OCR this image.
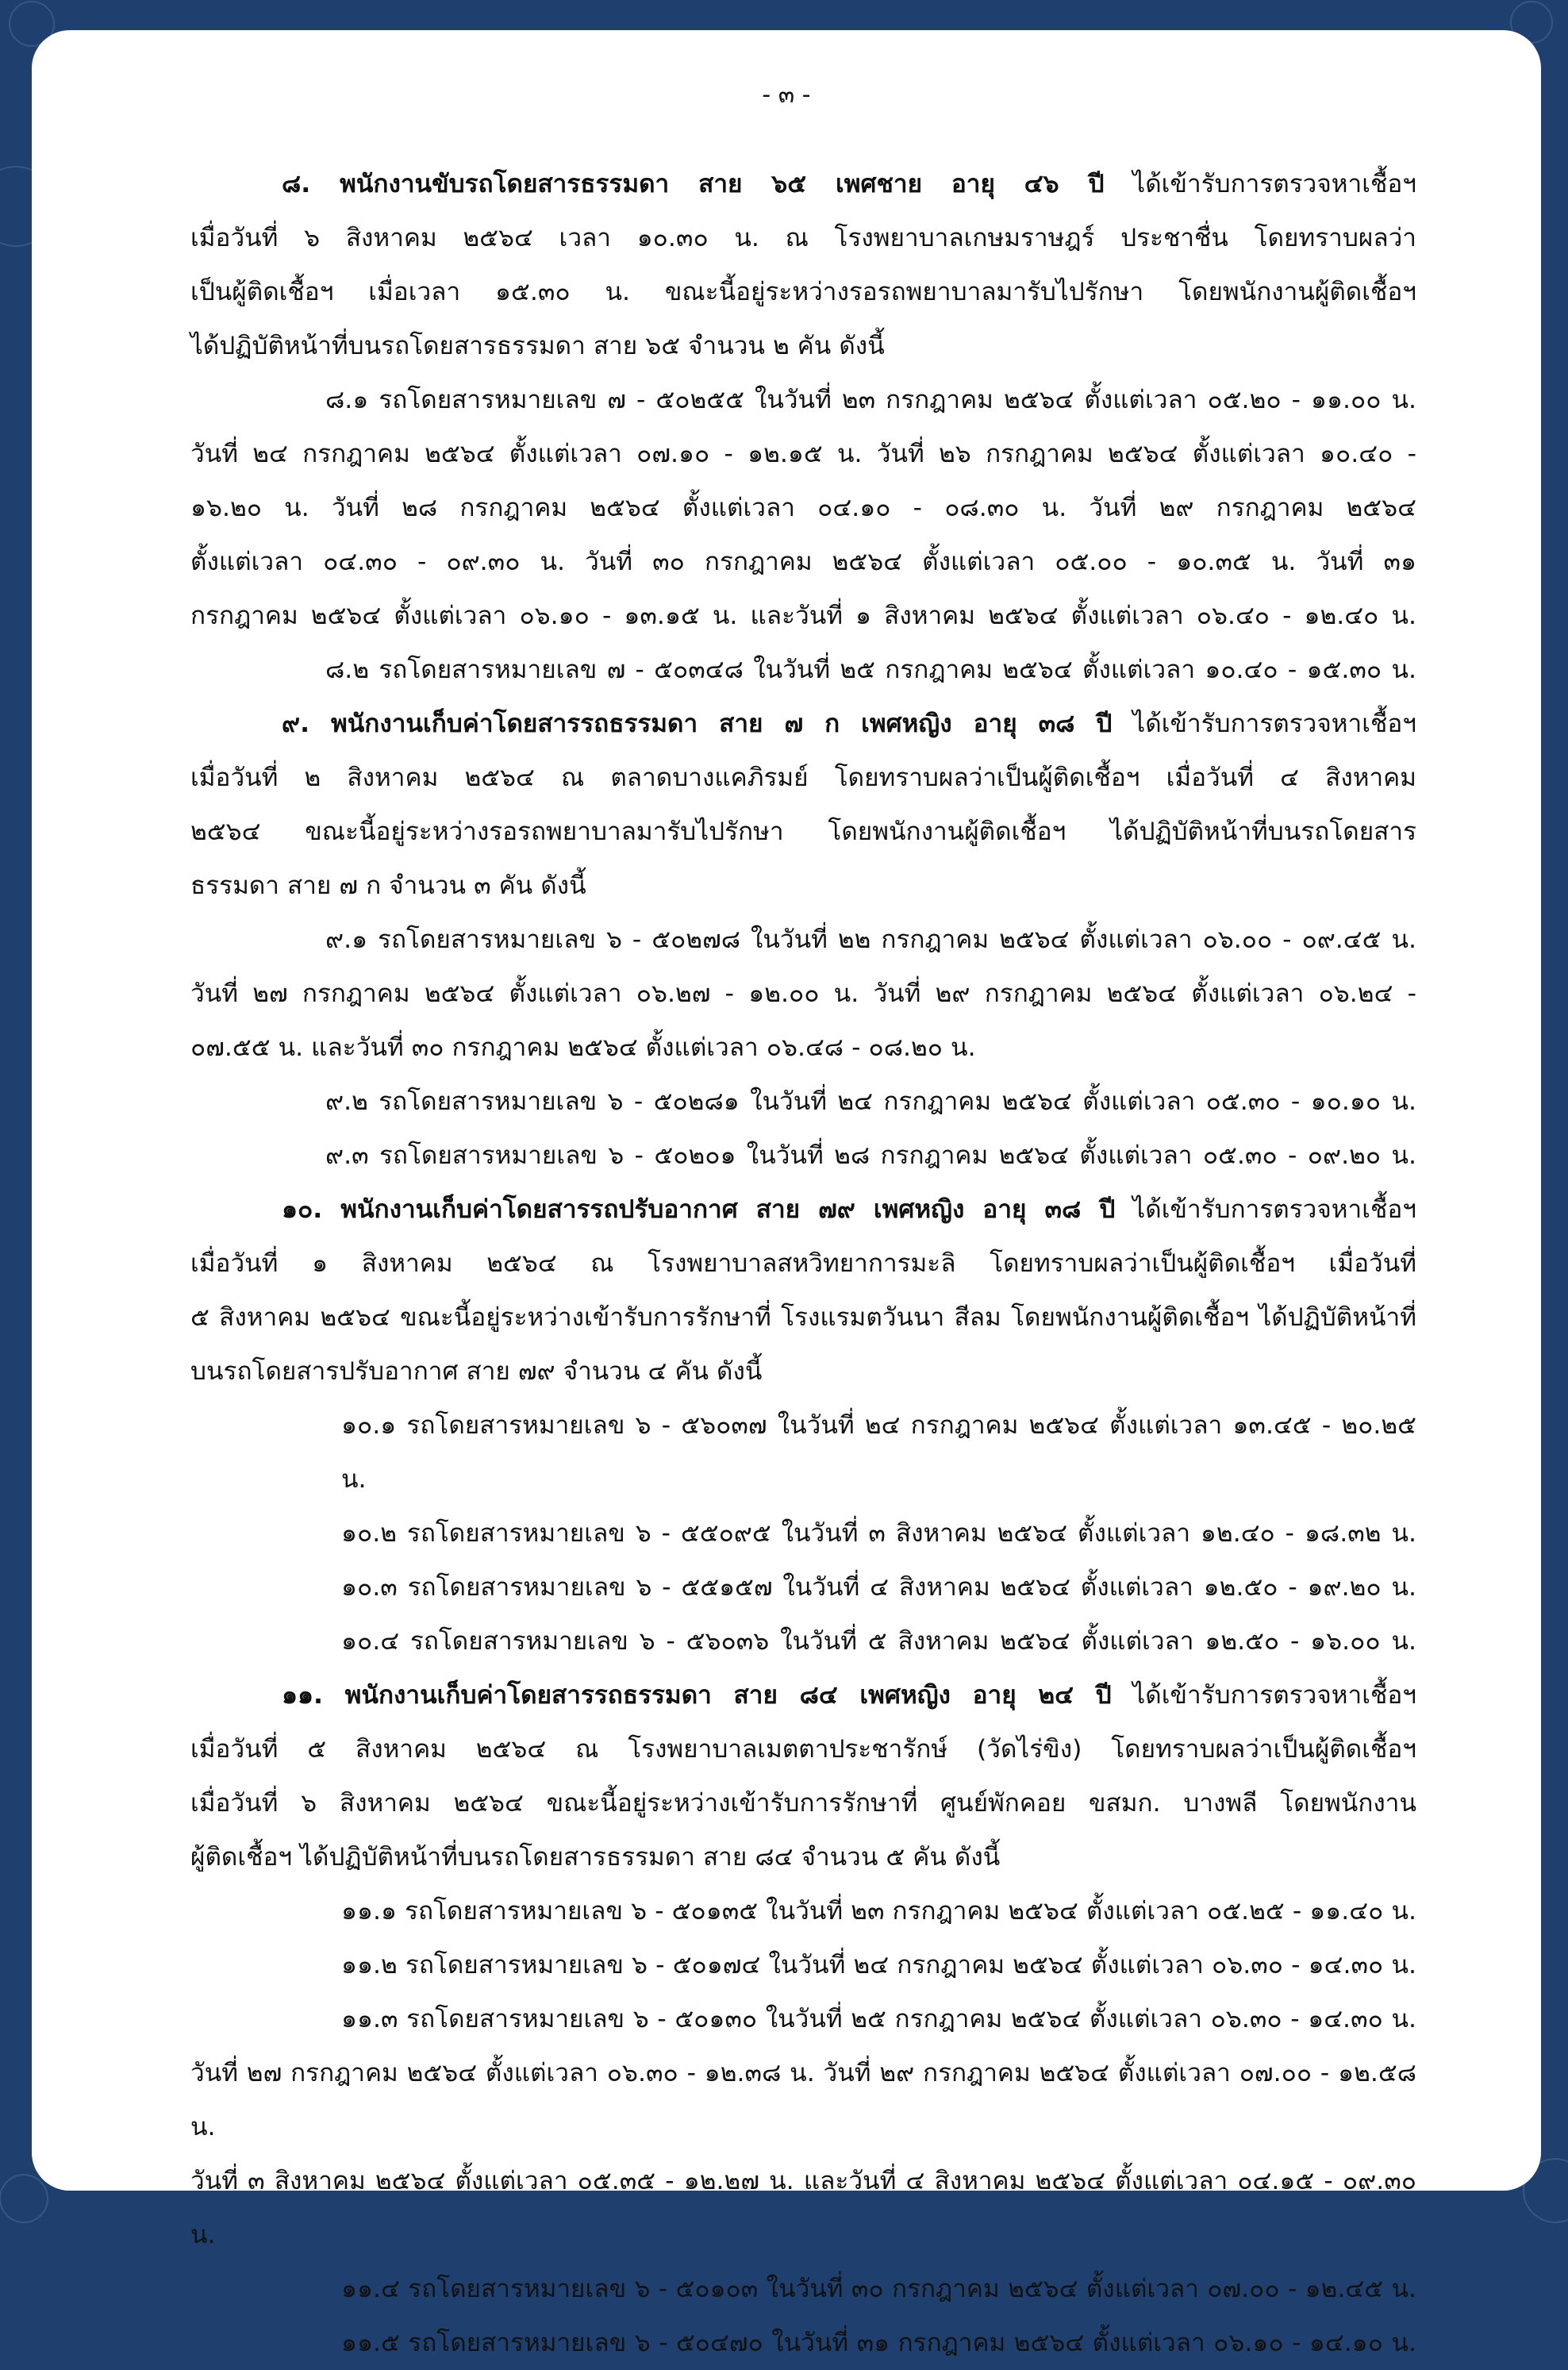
- ๓ -

๘. พนักงานขับรถโดยสารธรรมดา สาย ๖๕ เพศชาย อายุ ๔๖ ปี ได้เข้ารับการตรวจหาเชื้อฯ

เมื่อวันที่ ๖ สิงหาคม ๒๕๖๔ เวลา ๑๐.๓๐ น. ณ โรงพยาบาลเกษมราษฎร์ ประชาชื่น โดยทราบผลว่า

เป็นผู้ติดเชื้อฯ เมื่อเวลา ๑๕.๓๐ น. ขณะนี้อยู่ระหว่างรอรถพยาบาลมารับไปรักษา โดยพนักงานผู้ติดเชื้อฯ

ได้ปฏิบัติหน้าที่บนรถโดยสารธรรมดา สาย ๖๕ จำนวน ๒ คัน ดังนี้

๘.๑ รถโดยสารหมายเลข ๗ - ๕๐๒๕๕ ในวันที่ ๒๓ กรกฎาคม ๒๕๖๔ ตั้งแต่เวลา ๐๕.๒๐ - ๑๑.๐๐ น.

วันที่ ๒๔ กรกฎาคม ๒๕๖๔ ตั้งแต่เวลา ๐๗.๑๐ - ๑๒.๑๕ น. วันที่ ๒๖ กรกฎาคม ๒๕๖๔ ตั้งแต่เวลา ๑๐.๔๐ -

๑๖.๒๐ น. วันที่ ๒๘ กรกฎาคม ๒๕๖๔ ตั้งแต่เวลา ๐๔.๑๐ - ๐๘.๓๐ น. วันที่ ๒๙ กรกฎาคม ๒๕๖๔

ตั้งแต่เวลา ๐๔.๓๐ - ๐๙.๓๐ น. วันที่ ๓๐ กรกฎาคม ๒๕๖๔ ตั้งแต่เวลา ๐๕.๐๐ - ๑๐.๓๕ น. วันที่ ๓๑

กรกฎาคม ๒๕๖๔ ตั้งแต่เวลา ๐๖.๑๐ - ๑๓.๑๕ น. และวันที่ ๑ สิงหาคม ๒๕๖๔ ตั้งแต่เวลา ๐๖.๔๐ - ๑๒.๔๐ น.

๘.๒ รถโดยสารหมายเลข ๗ - ๕๐๓๔๘ ในวันที่ ๒๕ กรกฎาคม ๒๕๖๔ ตั้งแต่เวลา ๑๐.๔๐ - ๑๕.๓๐ น.

๙. พนักงานเก็บค่าโดยสารรถธรรมดา สาย ๗ ก เพศหญิง อายุ ๓๘ ปี ได้เข้ารับการตรวจหาเชื้อฯ

เมื่อวันที่ ๒ สิงหาคม ๒๕๖๔ ณ ตลาดบางแคภิรมย์ โดยทราบผลว่าเป็นผู้ติดเชื้อฯ เมื่อวันที่ ๔ สิงหาคม

๒๕๖๔ ขณะนี้อยู่ระหว่างรอรถพยาบาลมารับไปรักษา โดยพนักงานผู้ติดเชื้อฯ ได้ปฏิบัติหน้าที่บนรถโดยสาร

ธรรมดา สาย ๗ ก จำนวน ๓ คัน ดังนี้

๙.๑ รถโดยสารหมายเลข ๖ - ๕๐๒๗๘ ในวันที่ ๒๒ กรกฎาคม ๒๕๖๔ ตั้งแต่เวลา ๐๖.๐๐ - ๐๙.๔๕ น.

วันที่ ๒๗ กรกฎาคม ๒๕๖๔ ตั้งแต่เวลา ๐๖.๒๗ - ๑๒.๐๐ น. วันที่ ๒๙ กรกฎาคม ๒๕๖๔ ตั้งแต่เวลา ๐๖.๒๔ -

๐๗.๕๕ น. และวันที่ ๓๐ กรกฎาคม ๒๕๖๔ ตั้งแต่เวลา ๐๖.๔๘ - ๐๘.๒๐ น.

๙.๒ รถโดยสารหมายเลข ๖ - ๕๐๒๘๑ ในวันที่ ๒๔ กรกฎาคม ๒๕๖๔ ตั้งแต่เวลา ๐๕.๓๐ - ๑๐.๑๐ น.

๙.๓ รถโดยสารหมายเลข ๖ - ๕๐๒๐๑ ในวันที่ ๒๘ กรกฎาคม ๒๕๖๔ ตั้งแต่เวลา ๐๕.๓๐ - ๐๙.๒๐ น.

๑๐. พนักงานเก็บค่าโดยสารรถปรับอากาศ สาย ๗๙ เพศหญิง อายุ ๓๘ ปี ได้เข้ารับการตรวจหาเชื้อฯ

เมื่อวันที่ ๑ สิงหาคม ๒๕๖๔ ณ โรงพยาบาลสหวิทยาการมะลิ โดยทราบผลว่าเป็นผู้ติดเชื้อฯ เมื่อวันที่

๕ สิงหาคม ๒๕๖๔ ขณะนี้อยู่ระหว่างเข้ารับการรักษาที่ โรงแรมตวันนา สีลม โดยพนักงานผู้ติดเชื้อฯ ได้ปฏิบัติหน้าที่

บนรถโดยสารปรับอากาศ สาย ๗๙ จำนวน ๔ คัน ดังนี้

๑๐.๑ รถโดยสารหมายเลข ๖ - ๕๖๐๓๗ ในวันที่ ๒๔ กรกฎาคม ๒๕๖๔ ตั้งแต่เวลา ๑๓.๔๕ - ๒๐.๒๕ น.

๑๐.๒ รถโดยสารหมายเลข ๖ - ๕๕๐๙๕ ในวันที่ ๓ สิงหาคม ๒๕๖๔ ตั้งแต่เวลา ๑๒.๔๐ - ๑๘.๓๒ น.

๑๐.๓ รถโดยสารหมายเลข ๖ - ๕๕๑๕๗ ในวันที่ ๔ สิงหาคม ๒๕๖๔ ตั้งแต่เวลา ๑๒.๕๐ - ๑๙.๒๐ น.

๑๐.๔ รถโดยสารหมายเลข ๖ - ๕๖๐๓๖ ในวันที่ ๕ สิงหาคม ๒๕๖๔ ตั้งแต่เวลา ๑๒.๕๐ - ๑๖.๐๐ น.

๑๑. พนักงานเก็บค่าโดยสารรถธรรมดา สาย ๘๔ เพศหญิง อายุ ๒๔ ปี ได้เข้ารับการตรวจหาเชื้อฯ

เมื่อวันที่ ๕ สิงหาคม ๒๕๖๔ ณ โรงพยาบาลเมตตาประชารักษ์ (วัดไร่ขิง) โดยทราบผลว่าเป็นผู้ติดเชื้อฯ

เมื่อวันที่ ๖ สิงหาคม ๒๕๖๔ ขณะนี้อยู่ระหว่างเข้ารับการรักษาที่ ศูนย์พักคอย ขสมก. บางพลี โดยพนักงาน

ผู้ติดเชื้อฯ ได้ปฏิบัติหน้าที่บนรถโดยสารธรรมดา สาย ๘๔ จำนวน ๕ คัน ดังนี้

๑๑.๑ รถโดยสารหมายเลข ๖ - ๕๐๑๓๕ ในวันที่ ๒๓ กรกฎาคม ๒๕๖๔ ตั้งแต่เวลา ๐๕.๒๕ - ๑๑.๔๐ น.

๑๑.๒ รถโดยสารหมายเลข ๖ - ๕๐๑๗๔ ในวันที่ ๒๔ กรกฎาคม ๒๕๖๔ ตั้งแต่เวลา ๐๖.๓๐ - ๑๔.๓๐ น.

๑๑.๓ รถโดยสารหมายเลข ๖ - ๕๐๑๓๐ ในวันที่ ๒๕ กรกฎาคม ๒๕๖๔ ตั้งแต่เวลา ๐๖.๓๐ - ๑๔.๓๐ น.

วันที่ ๒๗ กรกฎาคม ๒๕๖๔ ตั้งแต่เวลา ๐๖.๓๐ - ๑๒.๓๘ น. วันที่ ๒๙ กรกฎาคม ๒๕๖๔ ตั้งแต่เวลา ๐๗.๐๐ - ๑๒.๕๘ น.

วันที่ ๓ สิงหาคม ๒๕๖๔ ตั้งแต่เวลา ๐๕.๓๕ - ๑๒.๒๗ น. และวันที่ ๔ สิงหาคม ๒๕๖๔ ตั้งแต่เวลา ๐๔.๑๕ - ๐๙.๓๐ น.

๑๑.๔ รถโดยสารหมายเลข ๖ - ๕๐๑๐๓ ในวันที่ ๓๐ กรกฎาคม ๒๕๖๔ ตั้งแต่เวลา ๐๗.๐๐ - ๑๒.๔๕ น.

๑๑.๕ รถโดยสารหมายเลข ๖ - ๕๐๔๗๐ ในวันที่ ๓๑ กรกฎาคม ๒๕๖๔ ตั้งแต่เวลา ๐๖.๑๐ - ๑๔.๑๐ น.
